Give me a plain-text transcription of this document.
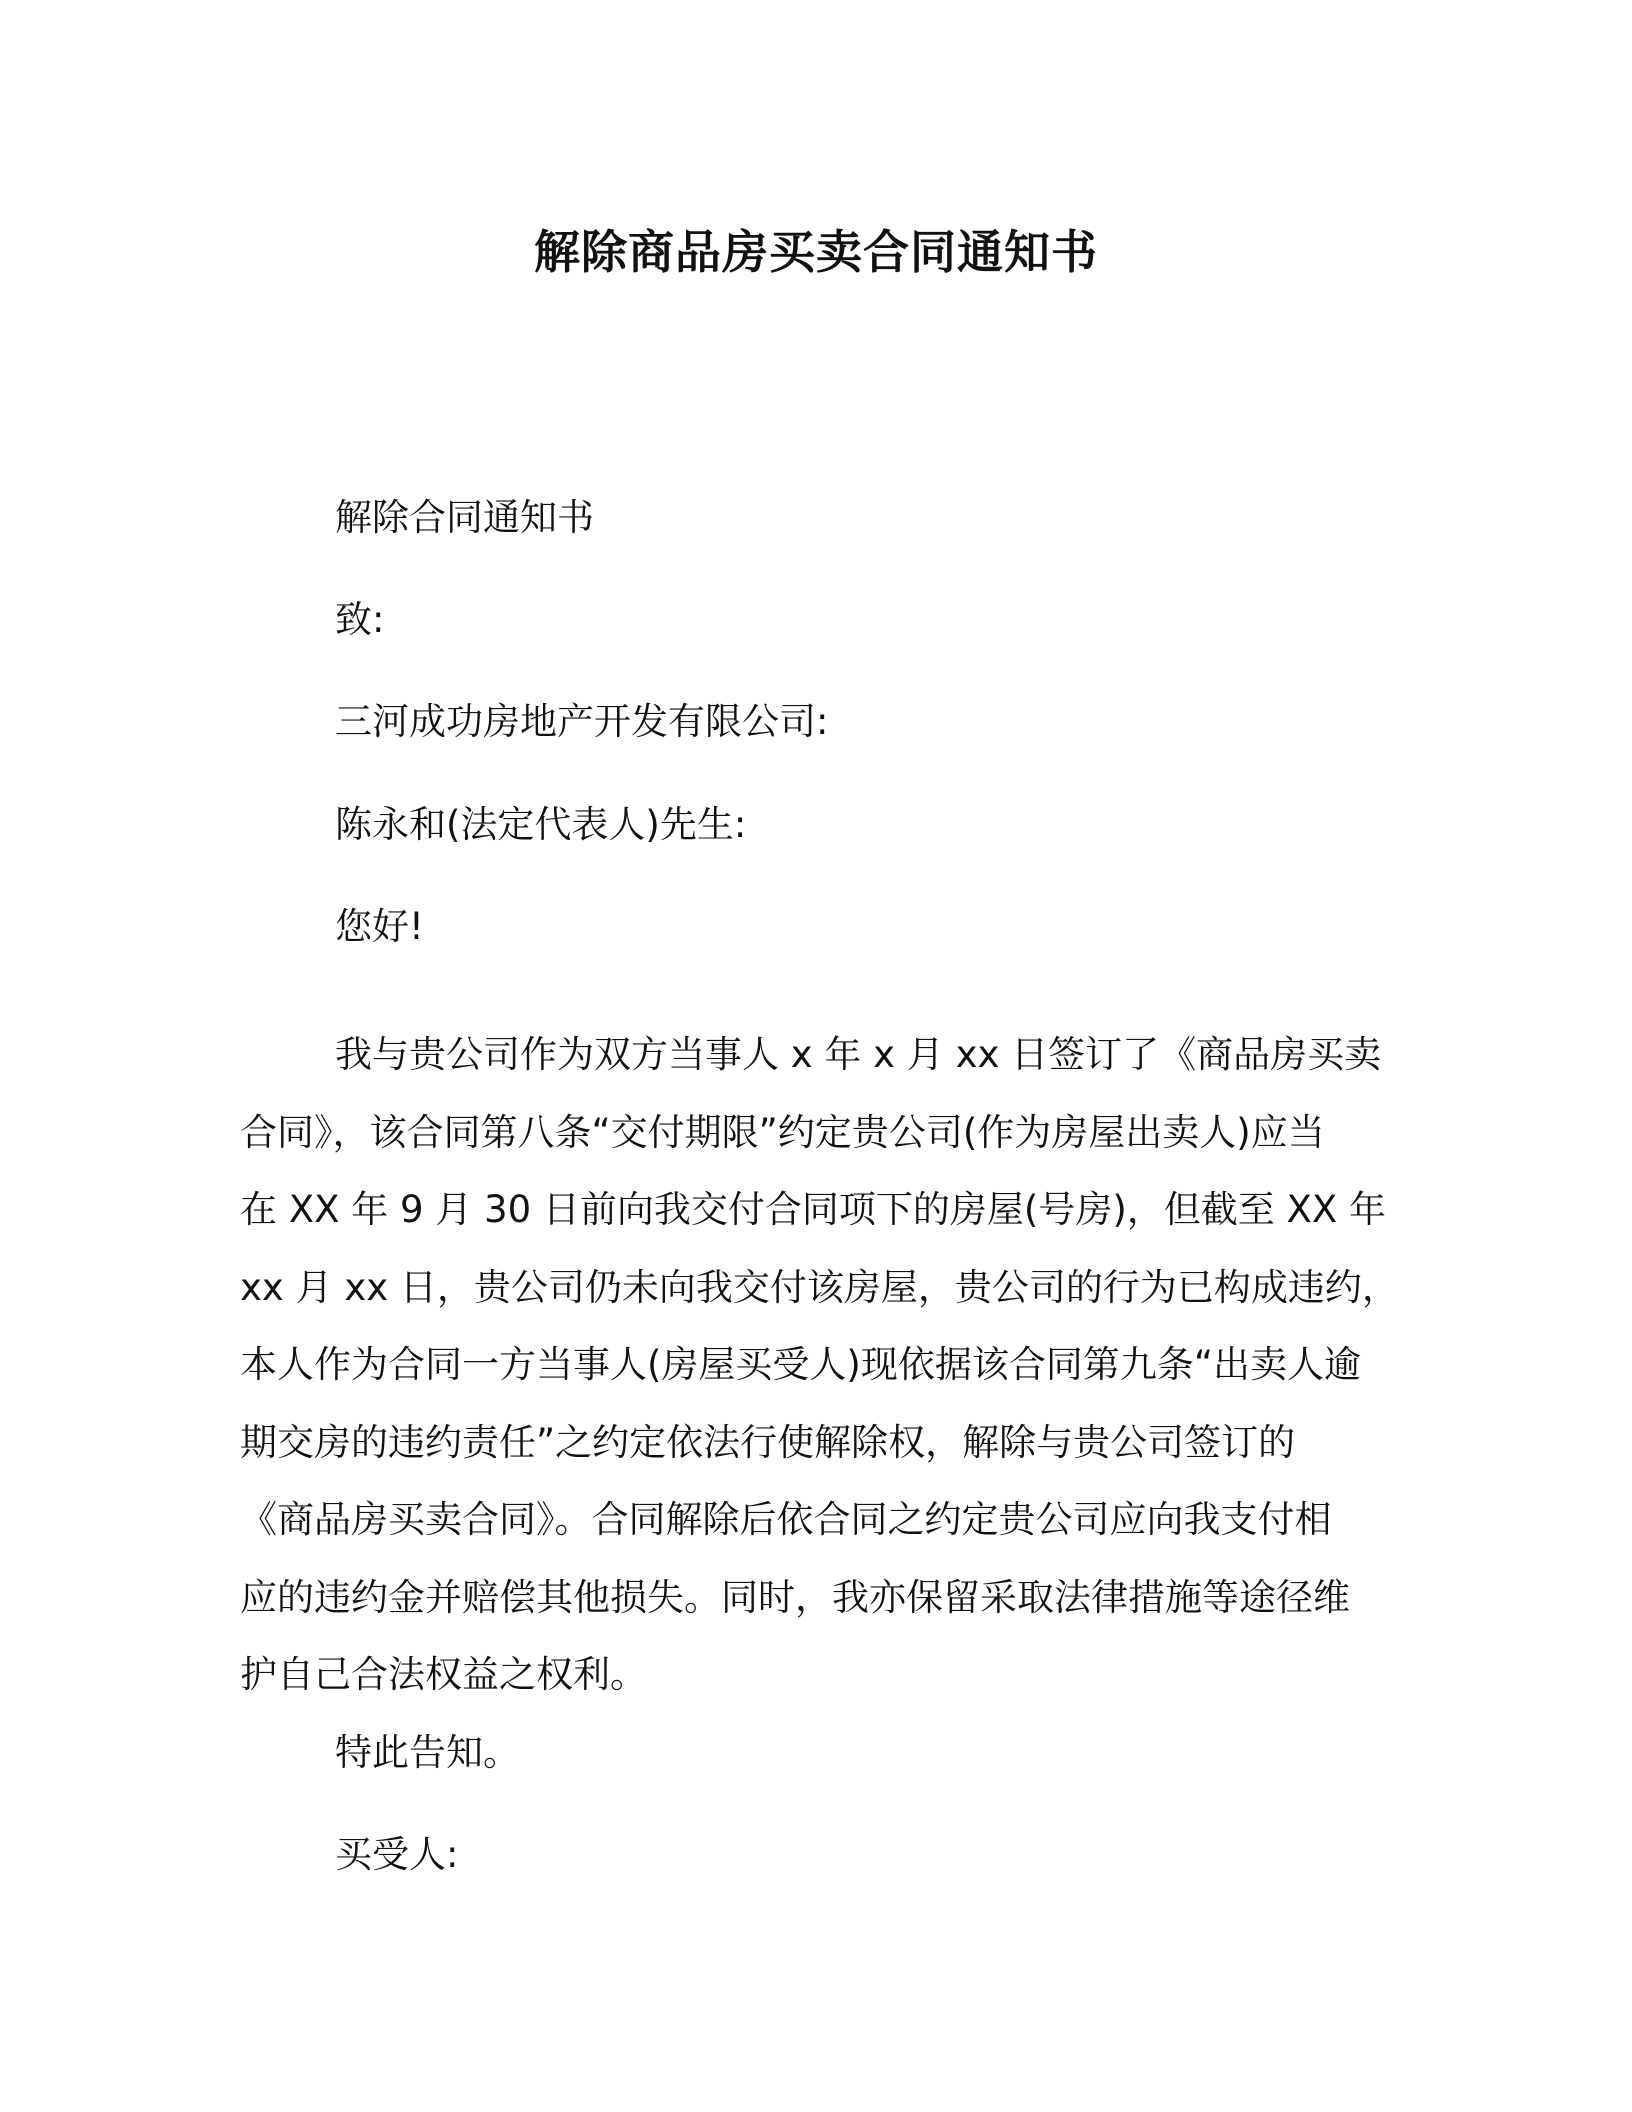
解除商品房买卖合同通知书

解除合同通知书

致:

三河成功房地产开发有限公司:

陈永和(法定代表人)先生:

您好!

我与贵公司作为双方当事人 x 年 x 月 xx 日签订了《商品房买卖
合同》，该合同第八条“交付期限”约定贵公司(作为房屋出卖人)应当
在 XX 年 9 月 30 日前向我交付合同项下的房屋(号房)，但截至 XX 年
xx 月 xx 日，贵公司仍未向我交付该房屋，贵公司的行为已构成违约，
本人作为合同一方当事人(房屋买受人)现依据该合同第九条“出卖人逾
期交房的违约责任”之约定依法行使解除权，解除与贵公司签订的
《商品房买卖合同》。合同解除后依合同之约定贵公司应向我支付相
应的违约金并赔偿其他损失。同时，我亦保留采取法律措施等途径维
护自己合法权益之权利。

特此告知。

买受人:
